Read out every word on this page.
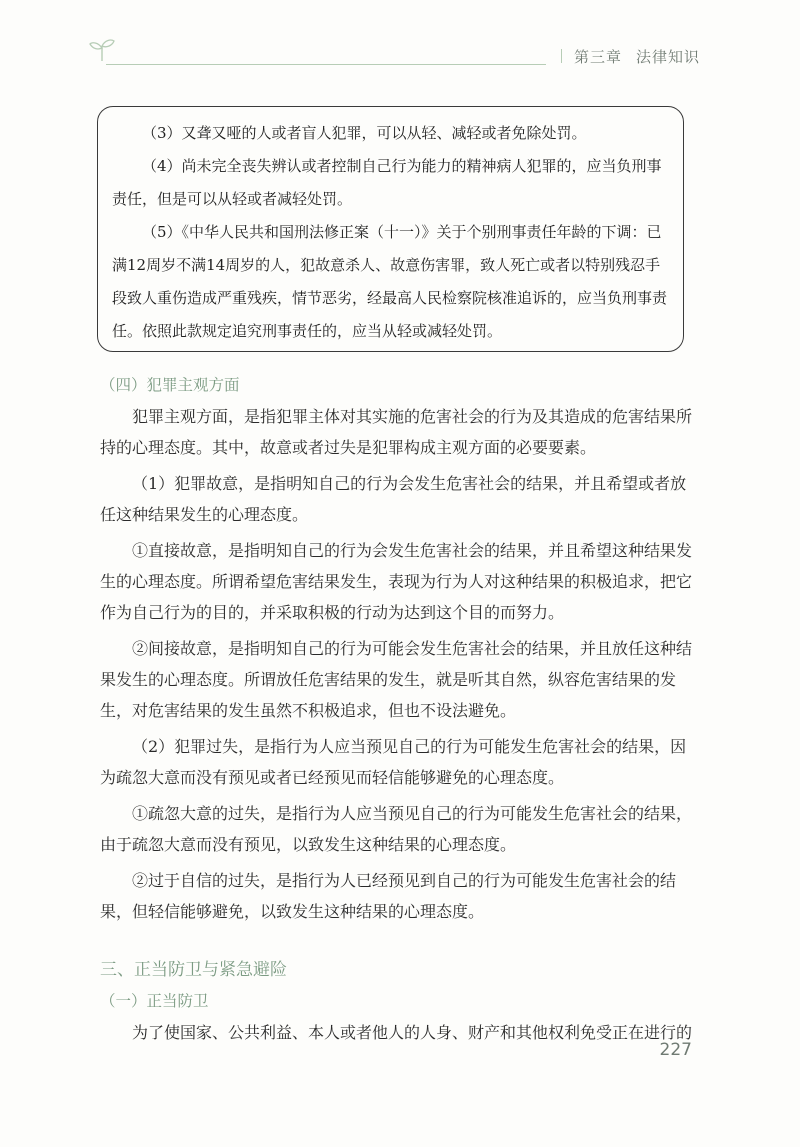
第三章 法律知识

（3）又聋又哑的人或者盲人犯罪，可以从轻、减轻或者免除处罚。

（4）尚未完全丧失辨认或者控制自己行为能力的精神病人犯罪的，应当负刑事责任，但是可以从轻或者减轻处罚。

（5）《中华人民共和国刑法修正案（十一）》关于个别刑事责任年龄的下调：已满12周岁不满14周岁的人，犯故意杀人、故意伤害罪，致人死亡或者以特别残忍手段致人重伤造成严重残疾，情节恶劣，经最高人民检察院核准追诉的，应当负刑事责任。依照此款规定追究刑事责任的，应当从轻或减轻处罚。

（四）犯罪主观方面

犯罪主观方面，是指犯罪主体对其实施的危害社会的行为及其造成的危害结果所持的心理态度。其中，故意或者过失是犯罪构成主观方面的必要要素。

（1）犯罪故意，是指明知自己的行为会发生危害社会的结果，并且希望或者放任这种结果发生的心理态度。

①直接故意，是指明知自己的行为会发生危害社会的结果，并且希望这种结果发生的心理态度。所谓希望危害结果发生，表现为行为人对这种结果的积极追求，把它作为自己行为的目的，并采取积极的行动为达到这个目的而努力。

②间接故意，是指明知自己的行为可能会发生危害社会的结果，并且放任这种结果发生的心理态度。所谓放任危害结果的发生，就是听其自然，纵容危害结果的发生，对危害结果的发生虽然不积极追求，但也不设法避免。

（2）犯罪过失，是指行为人应当预见自己的行为可能发生危害社会的结果，因为疏忽大意而没有预见或者已经预见而轻信能够避免的心理态度。

①疏忽大意的过失，是指行为人应当预见自己的行为可能发生危害社会的结果，由于疏忽大意而没有预见，以致发生这种结果的心理态度。

②过于自信的过失，是指行为人已经预见到自己的行为可能发生危害社会的结果，但轻信能够避免，以致发生这种结果的心理态度。

三、正当防卫与紧急避险

（一）正当防卫

为了使国家、公共利益、本人或者他人的人身、财产和其他权利免受正在进行的

227
